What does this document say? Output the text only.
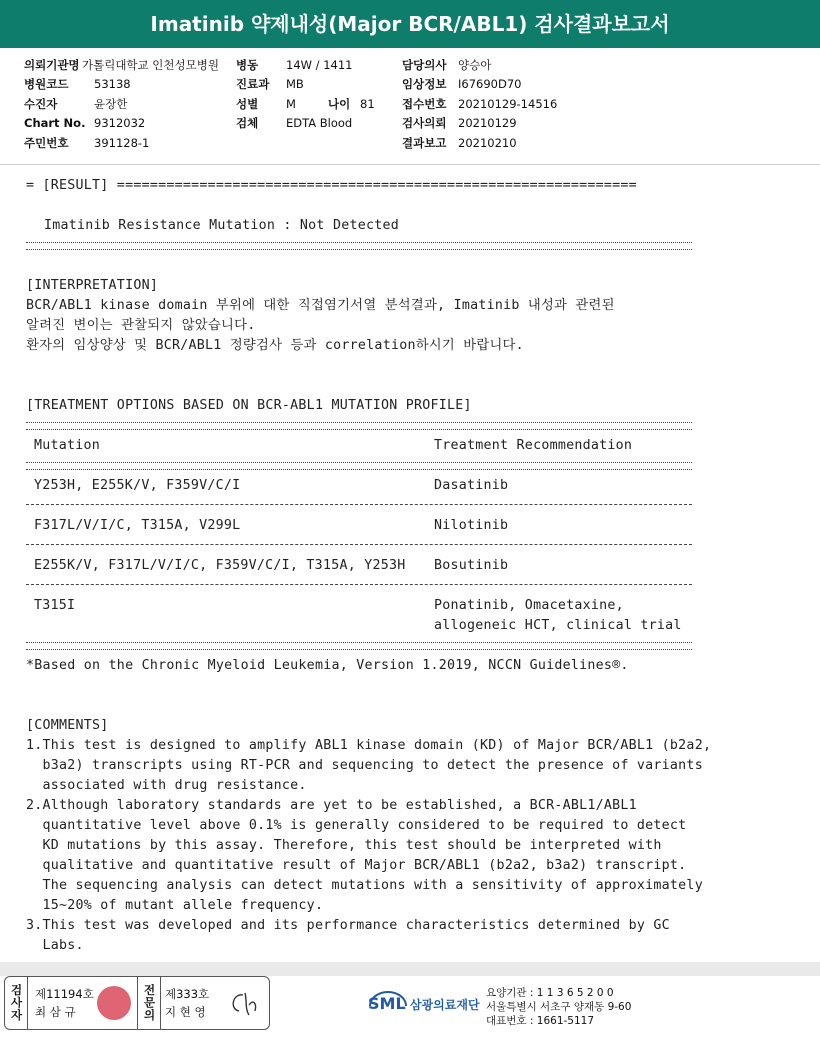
Imatinib 약제내성(Major BCR/ABL1) 검사결과보고서
의뢰기관명 가톨릭대학교 인천성모병원
병원코드 53138
수진자	윤장한
Chart No. 9312032
주민번호 391128-1
병동 14W / 1411
진료과 MB
성별 M	나이 81
검체 EDTA Blood
담당의사 양승아
임상정보 I67690D70
접수번호 20210129-14516
검사의뢰 20210129
결과보고 20210210
= [RESULT] ===============================================================
Imatinib Resistance Mutation : Not Detected
[INTERPRETATION]
BCR/ABL1 kinase domain 부위에 대한 직접염기서열 분석결과, Imatinib 내성과 관련된
알려진 변이는 관찰되지 않았습니다.
환자의 임상양상 및 BCR/ABL1 정량검사 등과 correlation하시기 바랍니다.
[TREATMENT OPTIONS BASED ON BCR-ABL1 MUTATION PROFILE]
Mutation	Treatment Recommendation
Y253H, E255K/V, F359V/C/I	Dasatinib
F317L/V/I/C, T315A, V299L	Nilotinib
E255K/V, F317L/V/I/C, F359V/C/I, T315A, Y253H Bosutinib
T315I	Ponatinib, Omacetaxine,
allogeneic HCT, clinical trial
*Based on the Chronic Myeloid Leukemia, Version 1.2019, NCCN Guidelines®.
[COMMENTS]
1.This test is designed to amplify ABL1 kinase domain (KD) of Major BCR/ABL1 (b2a2,
b3a2) transcripts using RT-PCR and sequencing to detect the presence of variants
associated with drug resistance.
2.Although laboratory standards are yet to be established, a BCR-ABL1/ABL1
quantitative level above 0.1% is generally considered to be required to detect
KD mutations by this assay. Therefore, this test should be interpreted with
qualitative and quantitative result of Major BCR/ABL1 (b2a2, b3a2) transcript.
The sequencing analysis can detect mutations with a sensitivity of approximately
15~20% of mutant allele frequency.
3.This test was developed and its performance characteristics determined by GC
Labs.
검사자 제11194호
최 삼 규	전문의 제333호
지 현 영	SML 삼광의료재단
요양기관 : 1 1 3 6 5 2 0 0
서울특별시 서초구 양재동 9-60
대표번호 : 1661-5117
